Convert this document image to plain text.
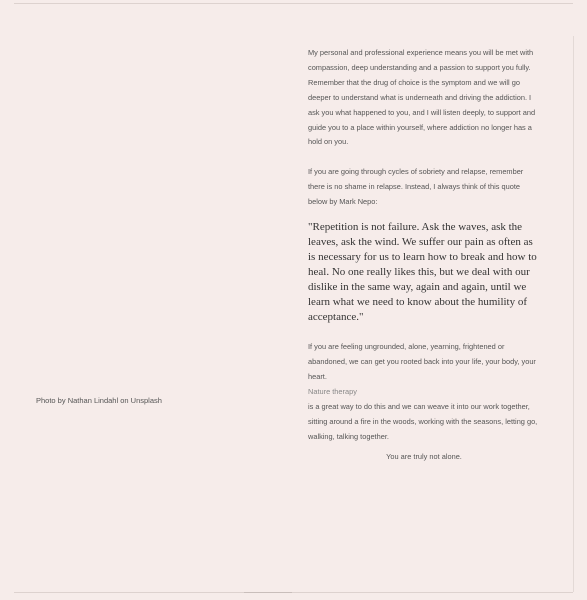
Photo by Nathan Lindahl on Unsplash

My personal and professional experience means you will be met with compassion, deep understanding and a passion to support you fully.

Remember that the drug of choice is the symptom and we will go deeper to understand what is underneath and driving the addiction. I ask you what happened to you, and I will listen deeply, to support and guide you to a place within yourself, where addiction no longer has a hold on you.

If you are going through cycles of sobriety and relapse, remember there is no shame in relapse. Instead, I always think of this quote below by Mark Nepo:

"Repetition is not failure. Ask the waves, ask the leaves, ask the wind. We suffer our pain as often as is necessary for us to learn how to break and how to heal. No one really likes this, but we deal with our dislike in the same way, again and again, until we learn what we need to know about the humility of acceptance."

If you are feeling ungrounded, alone, yearning, frightened or abandoned, we can get you rooted back into your life, your body, your heart.
Nature therapy
is a great way to do this and we can weave it into our work together, sitting around a fire in the woods, working with the seasons, letting go, walking, talking together.

You are truly not alone.
